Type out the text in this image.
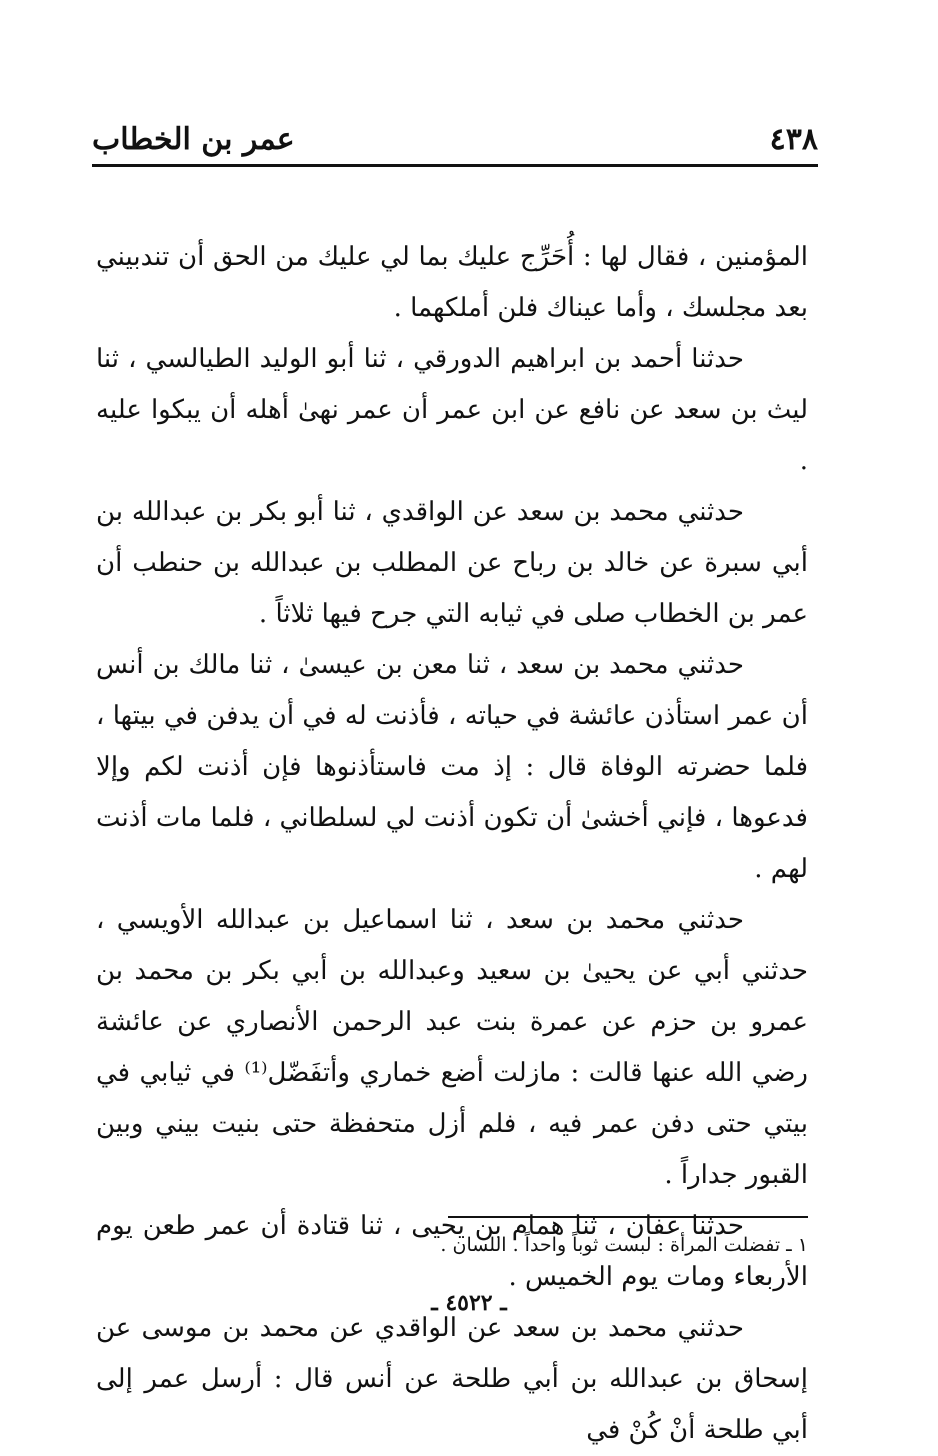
٤٣٨
عمر بن الخطاب

المؤمنين ، فقال لها : أُحَرِّج عليك بما لي عليك من الحق أن تندبيني بعد مجلسك ، وأما عيناك فلن أملكهما .

حدثنا أحمد بن ابراهيم الدورقي ، ثنا أبو الوليد الطيالسي ، ثنا ليث بن سعد عن نافع عن ابن عمر أن عمر نهىٰ أهله أن يبكوا عليه .

حدثني محمد بن سعد عن الواقدي ، ثنا أبو بكر بن عبدالله بن أبي سبرة عن خالد بن رباح عن المطلب بن عبدالله بن حنطب أن عمر بن الخطاب صلى في ثيابه التي جرح فيها ثلاثاً .

حدثني محمد بن سعد ، ثنا معن بن عيسىٰ ، ثنا مالك بن أنس أن عمر استأذن عائشة في حياته ، فأذنت له في أن يدفن في بيتها ، فلما حضرته الوفاة قال : إذ مت فاستأذنوها فإن أذنت لكم وإلا فدعوها ، فإني أخشىٰ أن تكون أذنت لي لسلطاني ، فلما مات أذنت لهم .

حدثني محمد بن سعد ، ثنا اسماعيل بن عبدالله الأويسي ، حدثني أبي عن يحيىٰ بن سعيد وعبدالله بن أبي بكر بن محمد بن عمرو بن حزم عن عمرة بنت عبد الرحمن الأنصاري عن عائشة رضي الله عنها قالت : مازلت أضع خماري وأتفَضّل⁽¹⁾ في ثيابي في بيتي حتى دفن عمر فيه ، فلم أزل متحفظة حتى بنيت بيني وبين القبور جداراً .

حدثنا عفان ، ثنا همام بن يحيى ، ثنا قتادة أن عمر طعن يوم الأربعاء ومات يوم الخميس .

حدثني محمد بن سعد عن الواقدي عن محمد بن موسى عن إسحاق بن عبدالله بن أبي طلحة عن أنس قال : أرسل عمر إلى أبي طلحة أنْ كُنْ في

١ ـ تفضلت المرأة : لبست ثوباً واحداً . اللسان .
ـ ٤٥٢٢ ـ
